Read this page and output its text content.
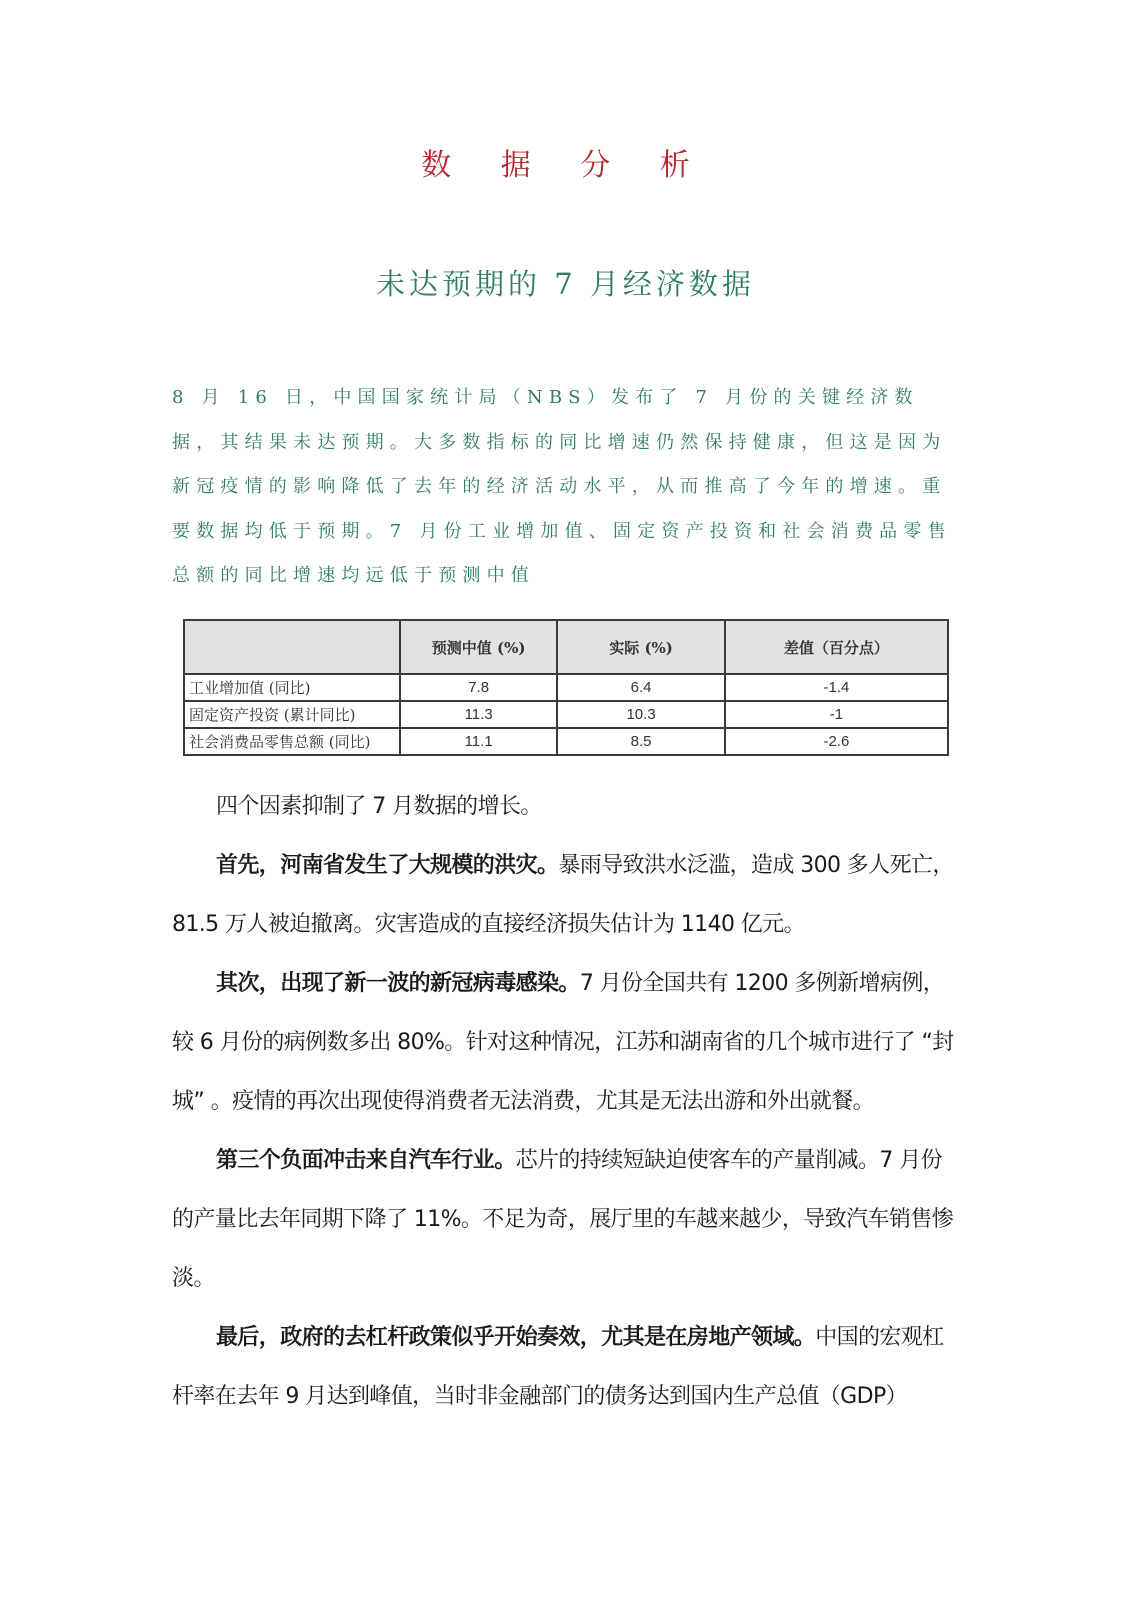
数 据 分 析
未达预期的 7 月经济数据
8 月 16 日，中国国家统计局（NBS）发布了 7 月份的关键经济数据，其结果未达预期。大多数指标的同比增速仍然保持健康，但这是因为新冠疫情的影响降低了去年的经济活动水平，从而推高了今年的增速。重要数据均低于预期。7 月份工业增加值、固定资产投资和社会消费品零售总额的同比增速均远低于预测中值
	预测中值 (%)	实际 (%)	差值（百分点）
工业增加值 (同比)	7.8	6.4	-1.4
固定资产投资 (累计同比)	11.3	10.3	-1
社会消费品零售总额 (同比)	11.1	8.5	-2.6

四个因素抑制了 7 月数据的增长。

首先，河南省发生了大规模的洪灾。暴雨导致洪水泛滥，造成 300 多人死亡，81.5 万人被迫撤离。灾害造成的直接经济损失估计为 1140 亿元。

其次，出现了新一波的新冠病毒感染。7 月份全国共有 1200 多例新增病例，较 6 月份的病例数多出 80%。针对这种情况，江苏和湖南省的几个城市进行了 “封城” 。疫情的再次出现使得消费者无法消费，尤其是无法出游和外出就餐。

第三个负面冲击来自汽车行业。芯片的持续短缺迫使客车的产量削减。7 月份的产量比去年同期下降了 11%。不足为奇，展厅里的车越来越少，导致汽车销售惨淡。

最后，政府的去杠杆政策似乎开始奏效，尤其是在房地产领域。中国的宏观杠杆率在去年 9 月达到峰值，当时非金融部门的债务达到国内生产总值（GDP）
